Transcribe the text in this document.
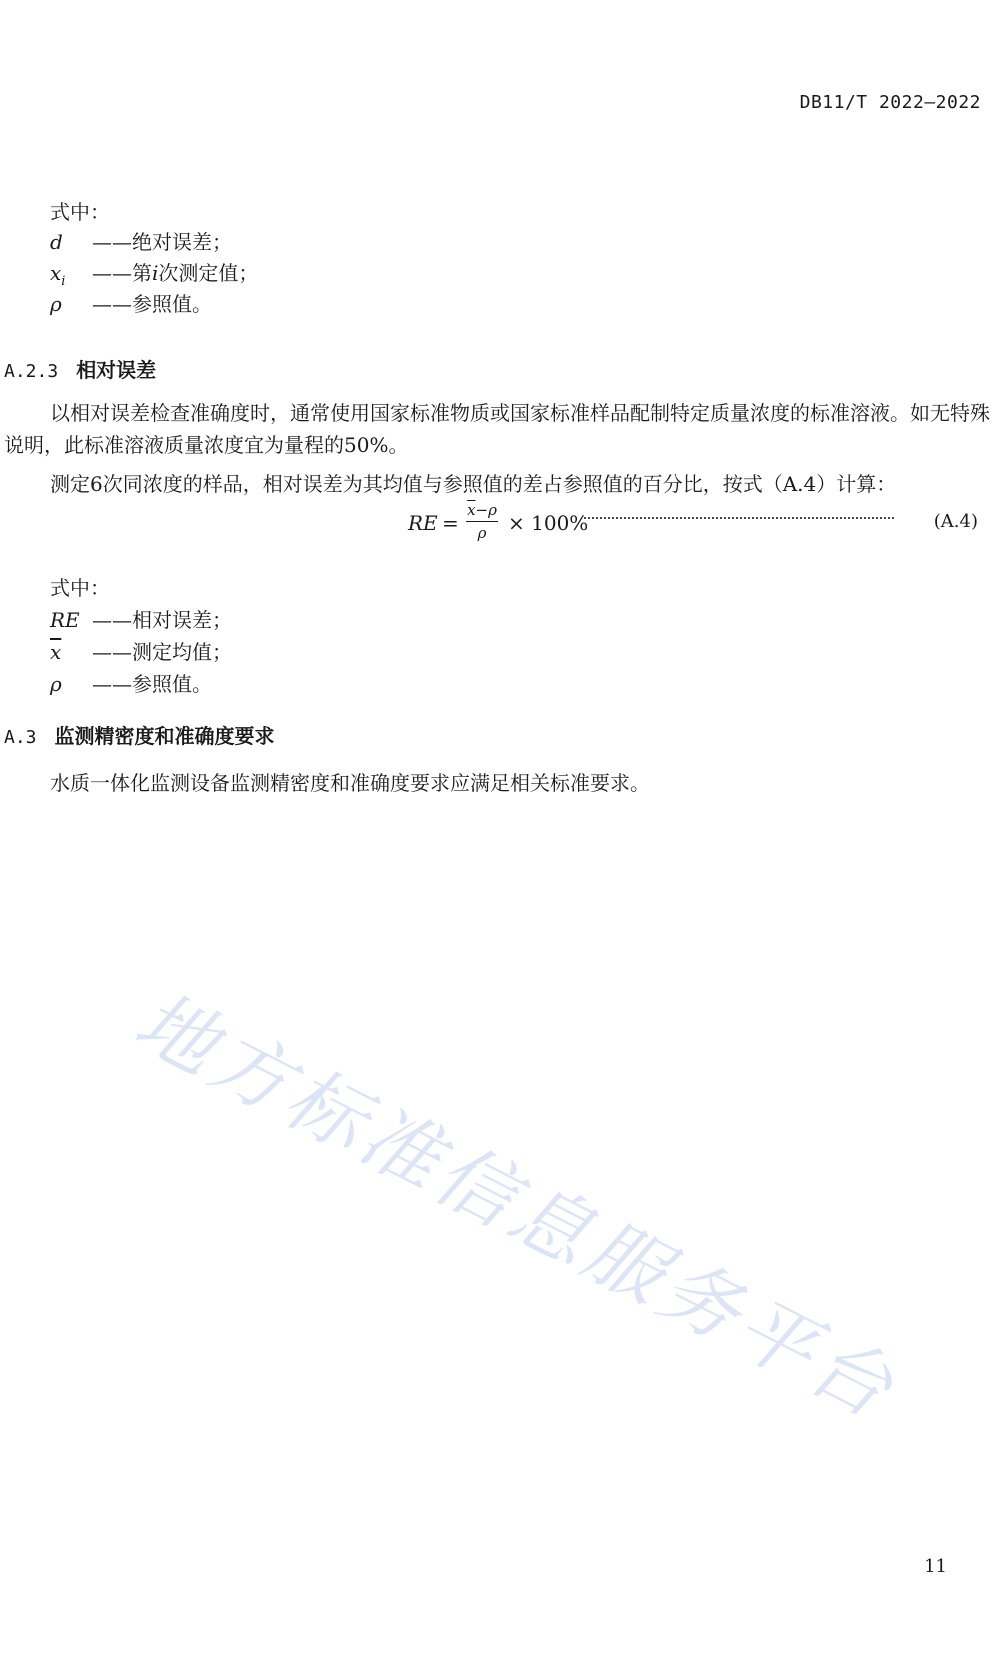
DB11/T 2022—2022
式中：
d ——绝对误差；
$x_i$ ——第i次测定值；
ρ ——参照值。
A.2.3 相对误差
以相对误差检查准确度时，通常使用国家标准物质或国家标准样品配制特定质量浓度的标准溶液。如无特殊说明，此标准溶液质量浓度宜为量程的50%。
测定6次同浓度的样品，相对误差为其均值与参照值的差占参照值的百分比，按式（A.4）计算：
RE =
$\overline{x}-\rho$
ρ	× 100%	(A.4)
式中：
RE ——相对误差；
$\overline{x}$ ——测定均值；
ρ ——参照值。
A.3 监测精密度和准确度要求
水质一体化监测设备监测精密度和准确度要求应满足相关标准要求。
地方标准信息服务平台
11
